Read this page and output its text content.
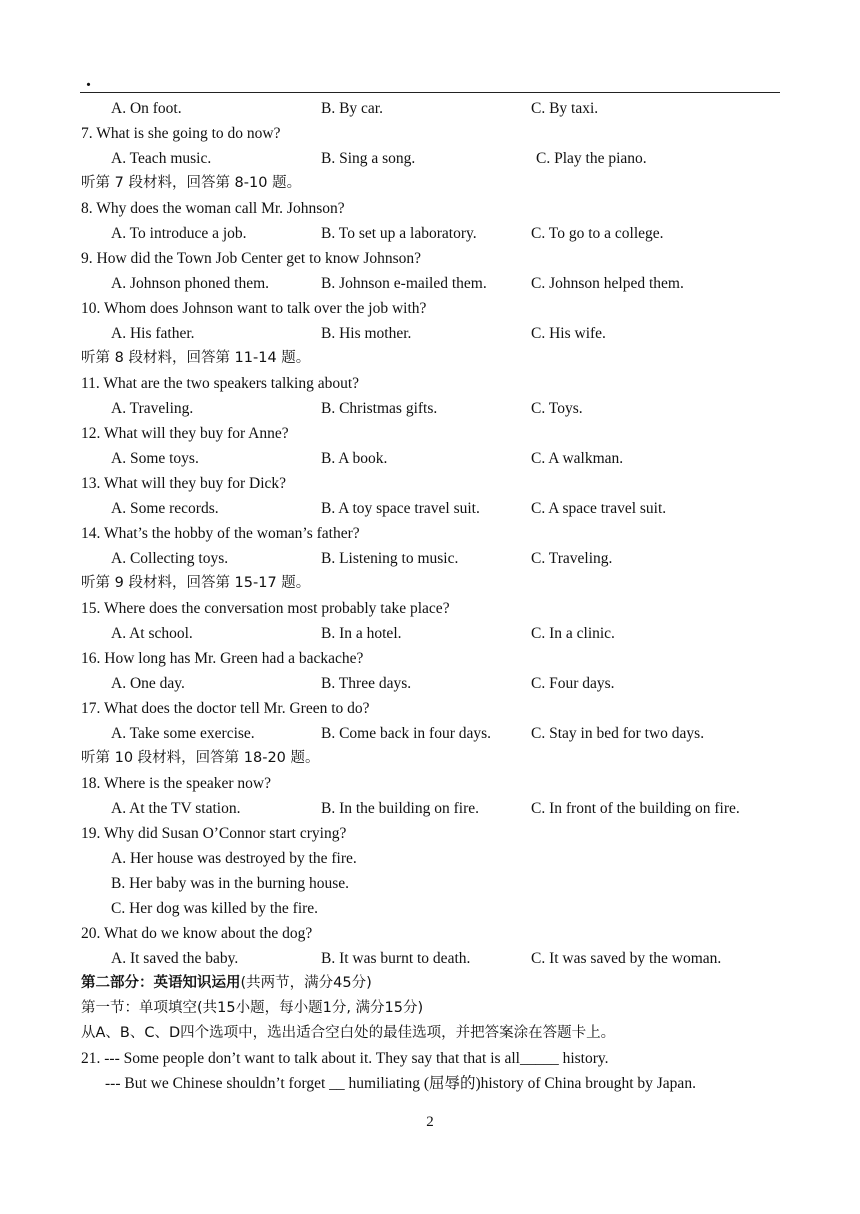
.
A. On foot.	B. By car.	C. By taxi.
7. What is she going to do now?
A. Teach music.	B. Sing a song.	C. Play the piano.
听第 7 段材料，回答第 8-10 题。
8. Why does the woman call Mr. Johnson?
A. To introduce a job.	B. To set up a laboratory.	C. To go to a college.
9. How did the Town Job Center get to know Johnson?
A. Johnson phoned them.	B. Johnson e-mailed them.	C. Johnson helped them.
10. Whom does Johnson want to talk over the job with?
A. His father.	B. His mother.	C. His wife.
听第 8 段材料，回答第 11-14 题。
11. What are the two speakers talking about?
A. Traveling.	B. Christmas gifts.	C. Toys.
12. What will they buy for Anne?
A. Some toys.	B. A book.	C. A walkman.
13. What will they buy for Dick?
A. Some records.	B. A toy space travel suit.	C. A space travel suit.
14. What’s the hobby of the woman’s father?
A. Collecting toys.	B. Listening to music.	C. Traveling.
听第 9 段材料，回答第 15-17 题。
15. Where does the conversation most probably take place?
A. At school.	B. In a hotel.	C. In a clinic.
16. How long has Mr. Green had a backache?
A. One day.	B. Three days.	C. Four days.
17. What does the doctor tell Mr. Green to do?
A. Take some exercise.	B. Come back in four days.	C. Stay in bed for two days.
听第 10 段材料，回答第 18-20 题。
18. Where is the speaker now?
A. At the TV station.	B. In the building on fire.	C. In front of the building on fire.
19. Why did Susan O’Connor start crying?
A. Her house was destroyed by the fire.
B. Her baby was in the burning house.
C. Her dog was killed by the fire.
20. What do we know about the dog?
A. It saved the baby.	B. It was burnt to death.	C. It was saved by the woman.
第二部分：英语知识运用(共两节，满分45分)
第一节：单项填空(共15小题，每小题1分, 满分15分)
从A、B、C、D四个选项中，选出适合空白处的最佳选项，并把答案涂在答题卡上。
21. --- Some people don’t want to talk about it. They say that that is all_____ history.
--- But we Chinese shouldn’t forget __ humiliating (屈辱的)history of China brought by Japan.
2
